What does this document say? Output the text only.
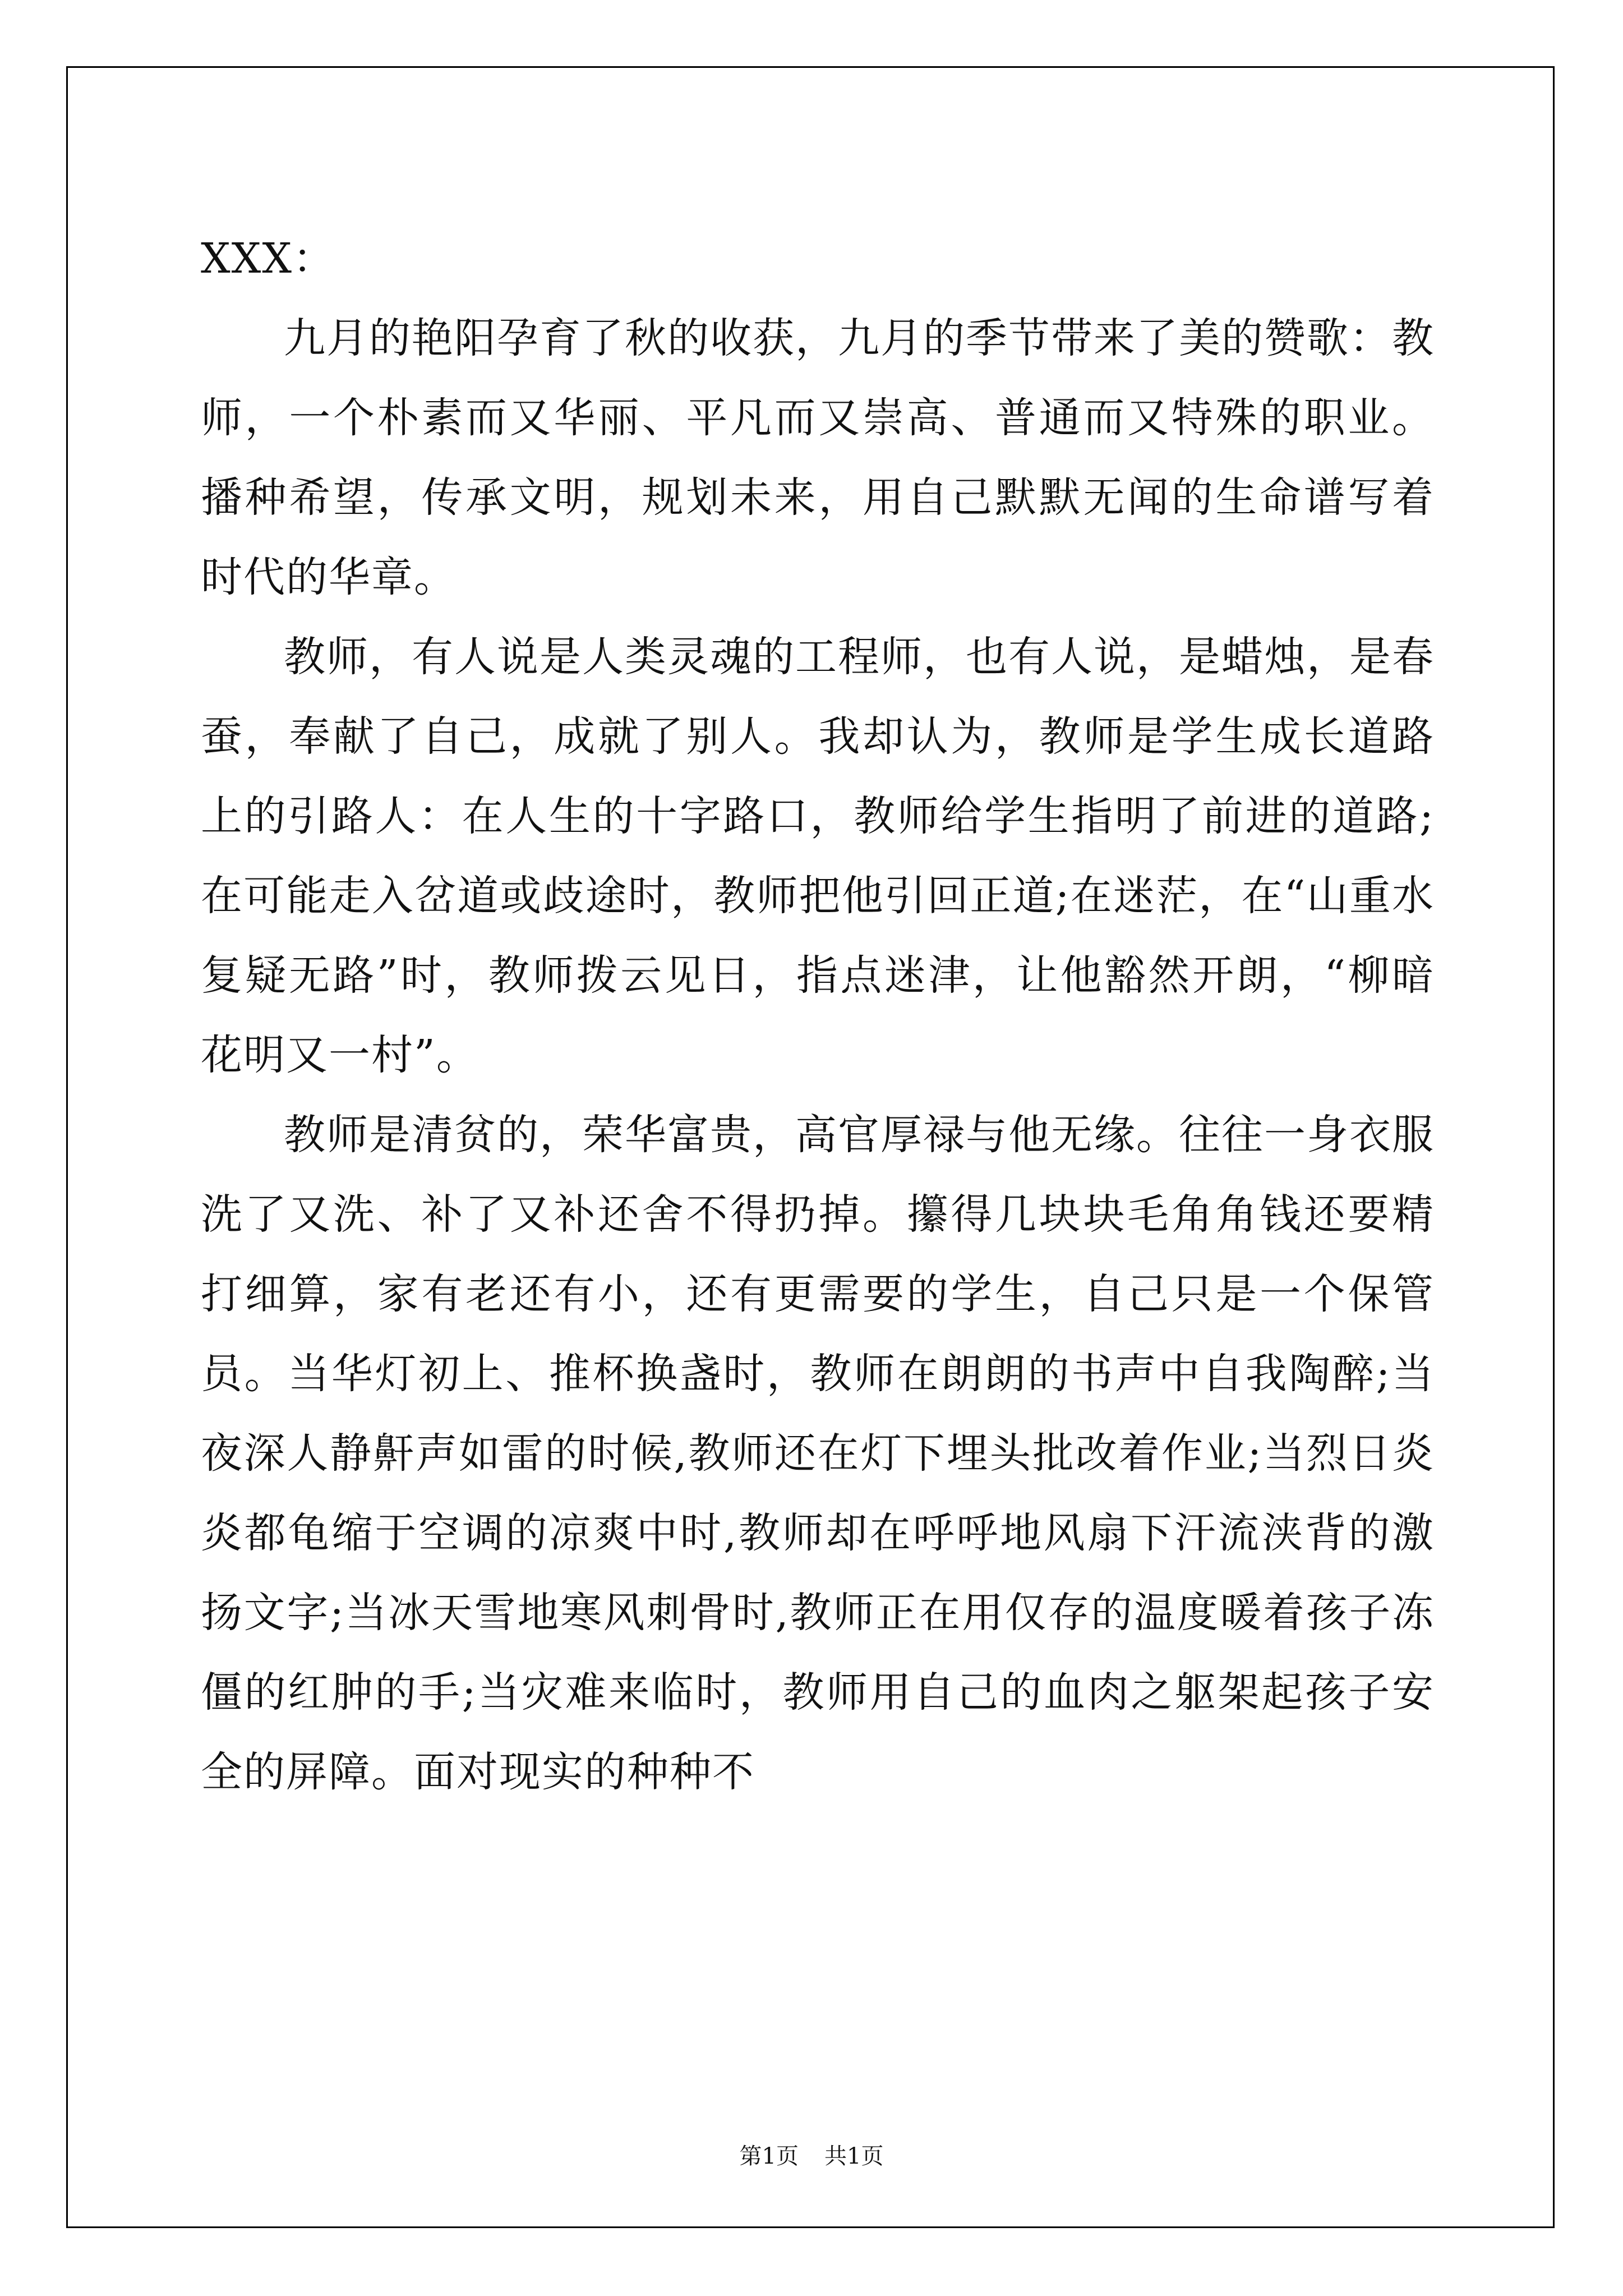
XXX：

九月的艳阳孕育了秋的收获，九月的季节带来了美的赞歌：教师，一个朴素而又华丽、平凡而又崇高、普通而又特殊的职业。播种希望，传承文明，规划未来，用自己默默无闻的生命谱写着时代的华章。

教师，有人说是人类灵魂的工程师，也有人说，是蜡烛，是春蚕，奉献了自己，成就了别人。我却认为，教师是学生成长道路上的引路人：在人生的十字路口，教师给学生指明了前进的道路;在可能走入岔道或歧途时，教师把他引回正道;在迷茫，在“山重水复疑无路”时，教师拨云见日，指点迷津，让他豁然开朗，“柳暗花明又一村”。

教师是清贫的，荣华富贵，高官厚禄与他无缘。往往一身衣服洗了又洗、补了又补还舍不得扔掉。攥得几块块毛角角钱还要精打细算，家有老还有小，还有更需要的学生，自己只是一个保管员。当华灯初上、推杯换盏时，教师在朗朗的书声中自我陶醉;当夜深人静鼾声如雷的时候,教师还在灯下埋头批改着作业;当烈日炎炎都龟缩于空调的凉爽中时,教师却在呼呼地风扇下汗流浃背的激扬文字;当冰天雪地寒风刺骨时,教师正在用仅存的温度暖着孩子冻僵的红肿的手;当灾难来临时，教师用自己的血肉之躯架起孩子安全的屏障。面对现实的种种不

第1页 共1页
